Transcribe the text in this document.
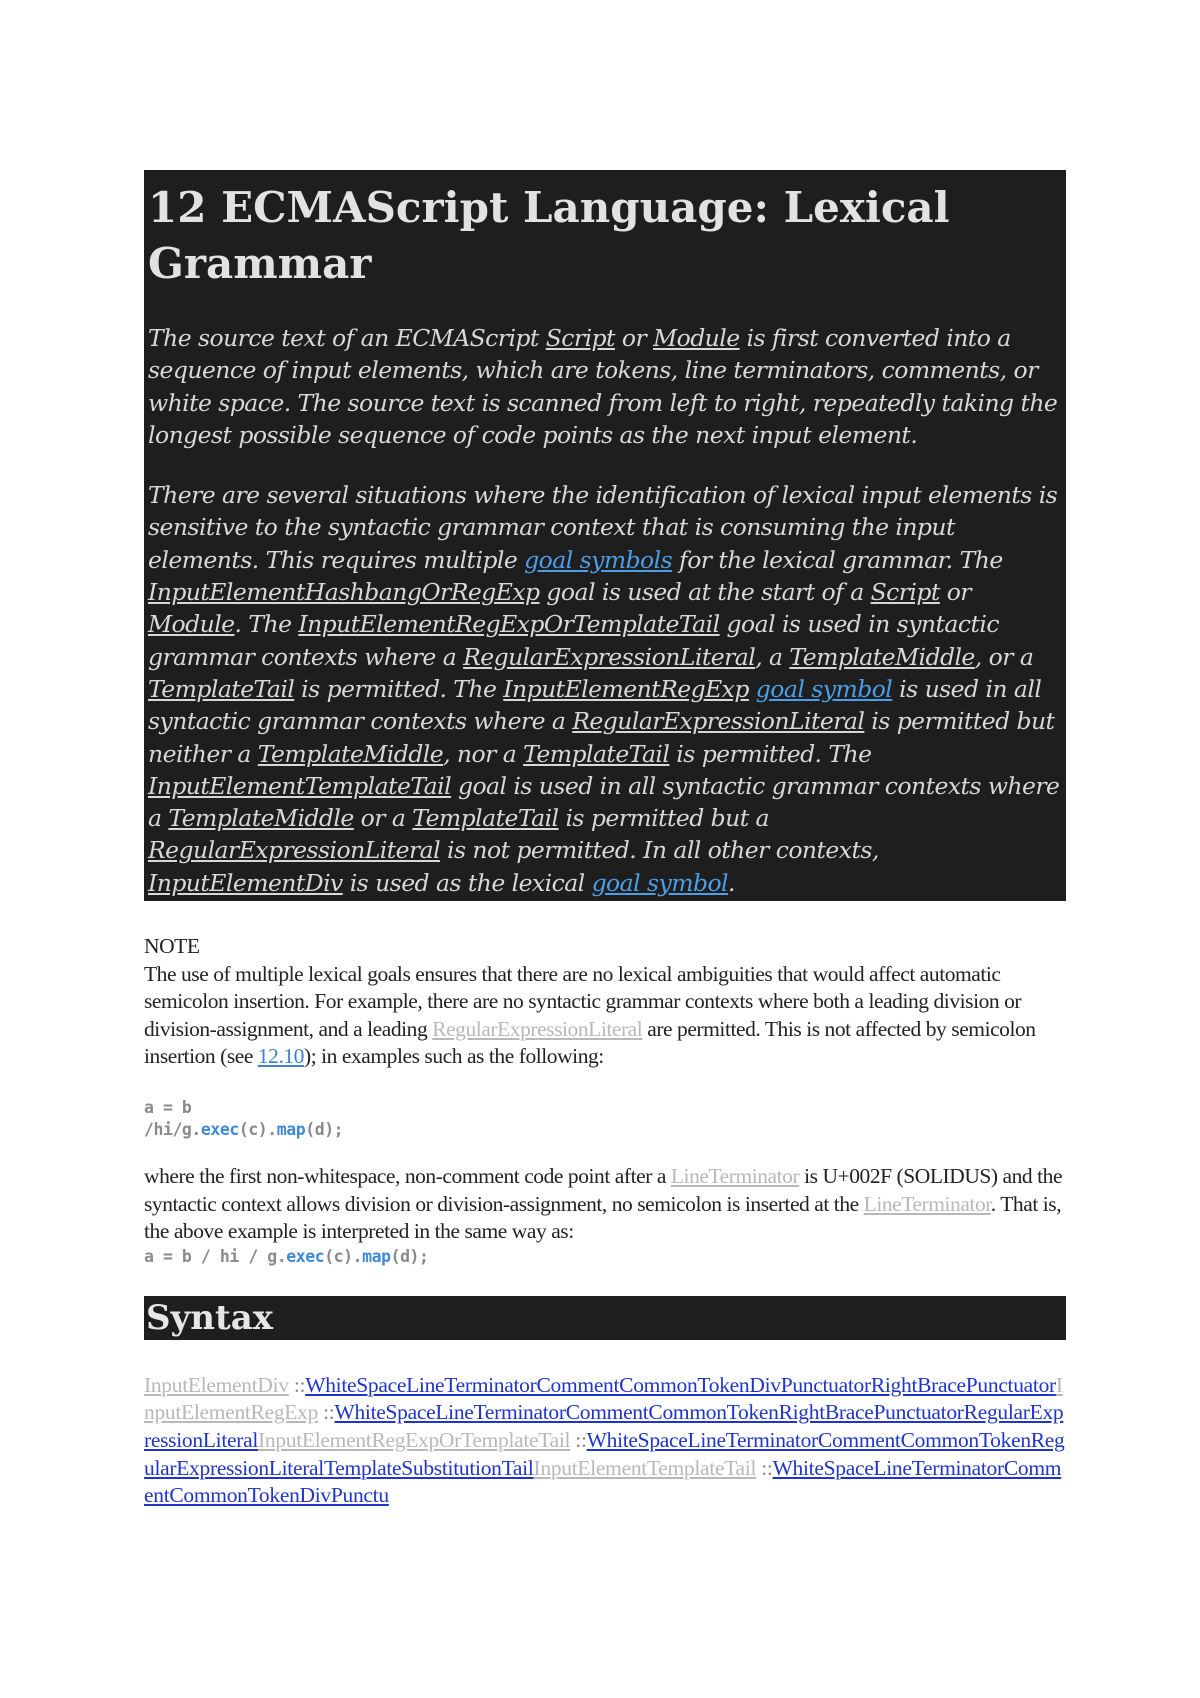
12 ECMAScript Language: Lexical Grammar

The source text of an ECMAScript Script or Module is first converted into a sequence of input elements, which are tokens, line terminators, comments, or white space. The source text is scanned from left to right, repeatedly taking the longest possible sequence of code points as the next input element.

There are several situations where the identification of lexical input elements is sensitive to the syntactic grammar context that is consuming the input elements. This requires multiple goal symbols for the lexical grammar. The InputElementHashbangOrRegExp goal is used at the start of a Script or Module. The InputElementRegExpOrTemplateTail goal is used in syntactic grammar contexts where a RegularExpressionLiteral, a TemplateMiddle, or a TemplateTail is permitted. The InputElementRegExp goal symbol is used in all syntactic grammar contexts where a RegularExpressionLiteral is permitted but neither a TemplateMiddle, nor a TemplateTail is permitted. The InputElementTemplateTail goal is used in all syntactic grammar contexts where a TemplateMiddle or a TemplateTail is permitted but a RegularExpressionLiteral is not permitted. In all other contexts, InputElementDiv is used as the lexical goal symbol.

NOTE
The use of multiple lexical goals ensures that there are no lexical ambiguities that would affect automatic semicolon insertion. For example, there are no syntactic grammar contexts where both a leading division or division-assignment, and a leading RegularExpressionLiteral are permitted. This is not affected by semicolon insertion (see 12.10); in examples such as the following:
a = b
/hi/g.exec(c).map(d);
where the first non-whitespace, non-comment code point after a LineTerminator is U+002F (SOLIDUS) and the syntactic context allows division or division-assignment, no semicolon is inserted at the LineTerminator. That is, the above example is interpreted in the same way as:
a = b / hi / g.exec(c).map(d);
Syntax
InputElementDiv ::WhiteSpaceLineTerminatorCommentCommonTokenDivPunctuatorRightBracePunctuatorInputElementRegExp ::WhiteSpaceLineTerminatorCommentCommonTokenRightBracePunctuatorRegularExpressionLiteralInputElementRegExpOrTemplateTail ::WhiteSpaceLineTerminatorCommentCommonTokenRegularExpressionLiteralTemplateSubstitutionTailInputElementTemplateTail ::WhiteSpaceLineTerminatorCommentCommonTokenDivPunctu
